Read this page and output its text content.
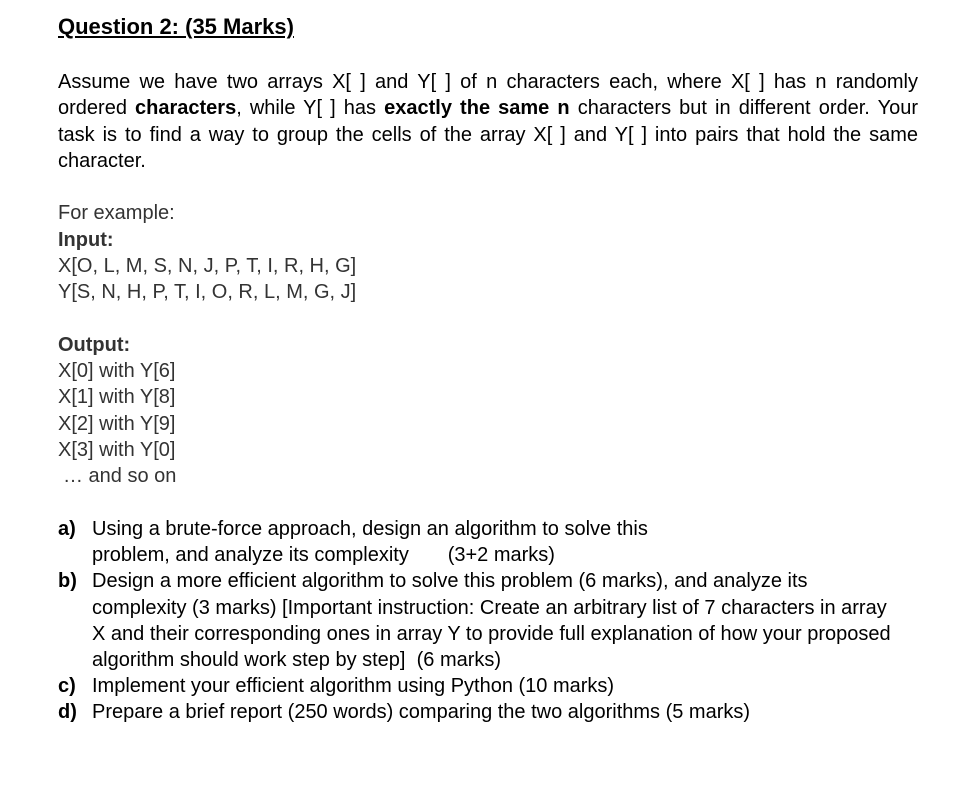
Question 2: (35 Marks)
Assume we have two arrays X[ ] and Y[ ] of n characters each, where X[ ] has n randomly ordered characters, while Y[ ] has exactly the same n characters but in different order. Your task is to find a way to group the cells of the array X[ ] and Y[ ] into pairs that hold the same character.
For example:
Input:
X[O, L, M, S, N, J, P, T, I, R, H, G]
Y[S, N, H, P, T, I, O, R, L, M, G, J]
Output:
X[0] with Y[6]
X[1] with Y[8]
X[2] with Y[9]
X[3] with Y[0]
… and so on
a) Using a brute-force approach, design an algorithm to solve this problem, and analyze its complexity       (3+2 marks)
b) Design a more efficient algorithm to solve this problem (6 marks), and analyze its complexity (3 marks) [Important instruction: Create an arbitrary list of 7 characters in array X and their corresponding ones in array Y to provide full explanation of how your proposed algorithm should work step by step]  (6 marks)
c) Implement your efficient algorithm using Python (10 marks)
d) Prepare a brief report (250 words) comparing the two algorithms (5 marks)
